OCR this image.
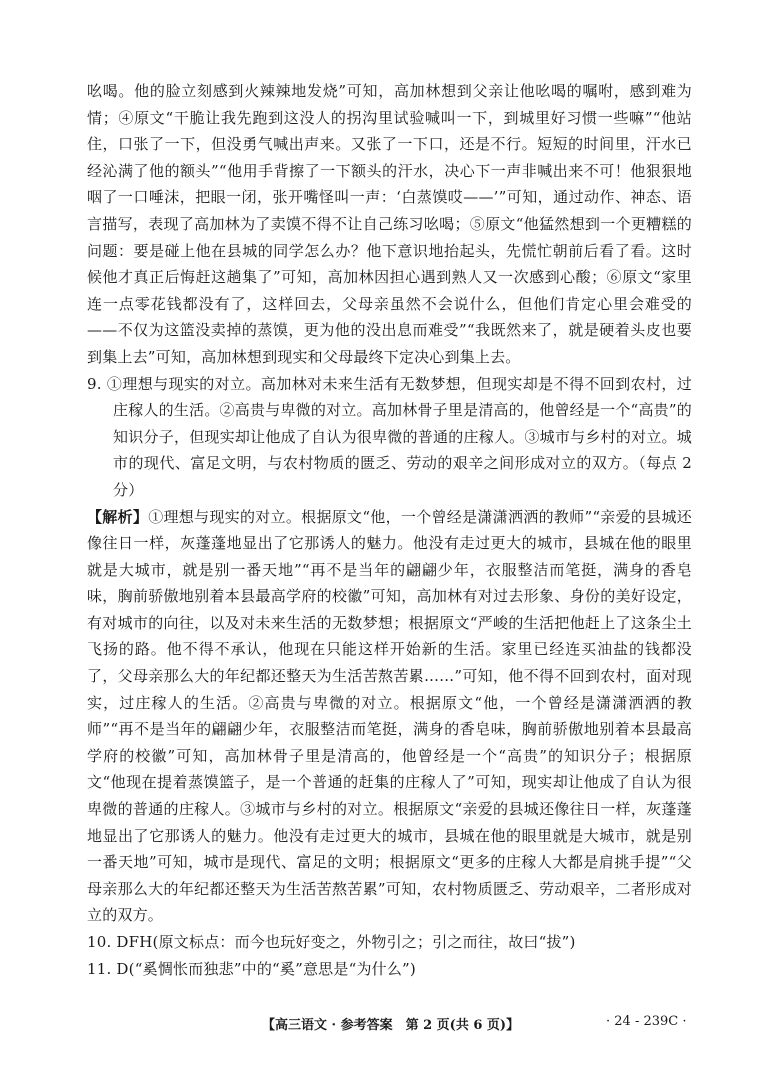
吆喝。他的脸立刻感到火辣辣地发烧”可知，高加林想到父亲让他吆喝的嘱咐，感到难为情；④原文“干脆让我先跑到这没人的拐沟里试验喊叫一下，到城里好习惯一些嘛”“他站住，口张了一下，但没勇气喊出声来。又张了一下口，还是不行。短短的时间里，汗水已经沁满了他的额头”“他用手背擦了一下额头的汗水，决心下一声非喊出来不可！他狠狠地咽了一口唾沫，把眼一闭，张开嘴怪叫一声：‘白蒸馍哎——’”可知，通过动作、神态、语言描写，表现了高加林为了卖馍不得不让自己练习吆喝；⑤原文“他猛然想到一个更糟糕的问题：要是碰上他在县城的同学怎么办？他下意识地抬起头，先慌忙朝前后看了看。这时候他才真正后悔赶这趟集了”可知，高加林因担心遇到熟人又一次感到心酸；⑥原文“家里连一点零花钱都没有了，这样回去，父母亲虽然不会说什么，但他们肯定心里会难受的——不仅为这篮没卖掉的蒸馍，更为他的没出息而难受”“我既然来了，就是硬着头皮也要到集上去”可知，高加林想到现实和父母最终下定决心到集上去。

9. ①理想与现实的对立。高加林对未来生活有无数梦想，但现实却是不得不回到农村，过庄稼人的生活。②高贵与卑微的对立。高加林骨子里是清高的，他曾经是一个“高贵”的知识分子，但现实却让他成了自认为很卑微的普通的庄稼人。③城市与乡村的对立。城市的现代、富足文明，与农村物质的匮乏、劳动的艰辛之间形成对立的双方。（每点 2 分）

【解析】①理想与现实的对立。根据原文“他，一个曾经是潇潇洒洒的教师”“亲爱的县城还像往日一样，灰蓬蓬地显出了它那诱人的魅力。他没有走过更大的城市，县城在他的眼里就是大城市，就是别一番天地”“再不是当年的翩翩少年，衣服整洁而笔挺，满身的香皂味，胸前骄傲地别着本县最高学府的校徽”可知，高加林有对过去形象、身份的美好设定，有对城市的向往，以及对未来生活的无数梦想；根据原文“严峻的生活把他赶上了这条尘土飞扬的路。他不得不承认，他现在只能这样开始新的生活。家里已经连买油盐的钱都没了，父母亲那么大的年纪都还整天为生活苦熬苦累……”可知，他不得不回到农村，面对现实，过庄稼人的生活。②高贵与卑微的对立。根据原文“他，一个曾经是潇潇洒洒的教师”“再不是当年的翩翩少年，衣服整洁而笔挺，满身的香皂味，胸前骄傲地别着本县最高学府的校徽”可知，高加林骨子里是清高的，他曾经是一个“高贵”的知识分子；根据原文“他现在提着蒸馍篮子，是一个普通的赶集的庄稼人了”可知，现实却让他成了自认为很卑微的普通的庄稼人。③城市与乡村的对立。根据原文“亲爱的县城还像往日一样，灰蓬蓬地显出了它那诱人的魅力。他没有走过更大的城市，县城在他的眼里就是大城市，就是别一番天地”可知，城市是现代、富足的文明；根据原文“更多的庄稼人大都是肩挑手提”“父母亲那么大的年纪都还整天为生活苦熬苦累”可知，农村物质匮乏、劳动艰辛，二者形成对立的双方。

10. DFH(原文标点：而今也玩好变之，外物引之；引之而往，故曰“拔”)

11. D(“奚惆怅而独悲”中的“奚”意思是“为什么”)

【高三语文 · 参考答案　第 2 页(共 6 页)】	· 24 - 239C ·
